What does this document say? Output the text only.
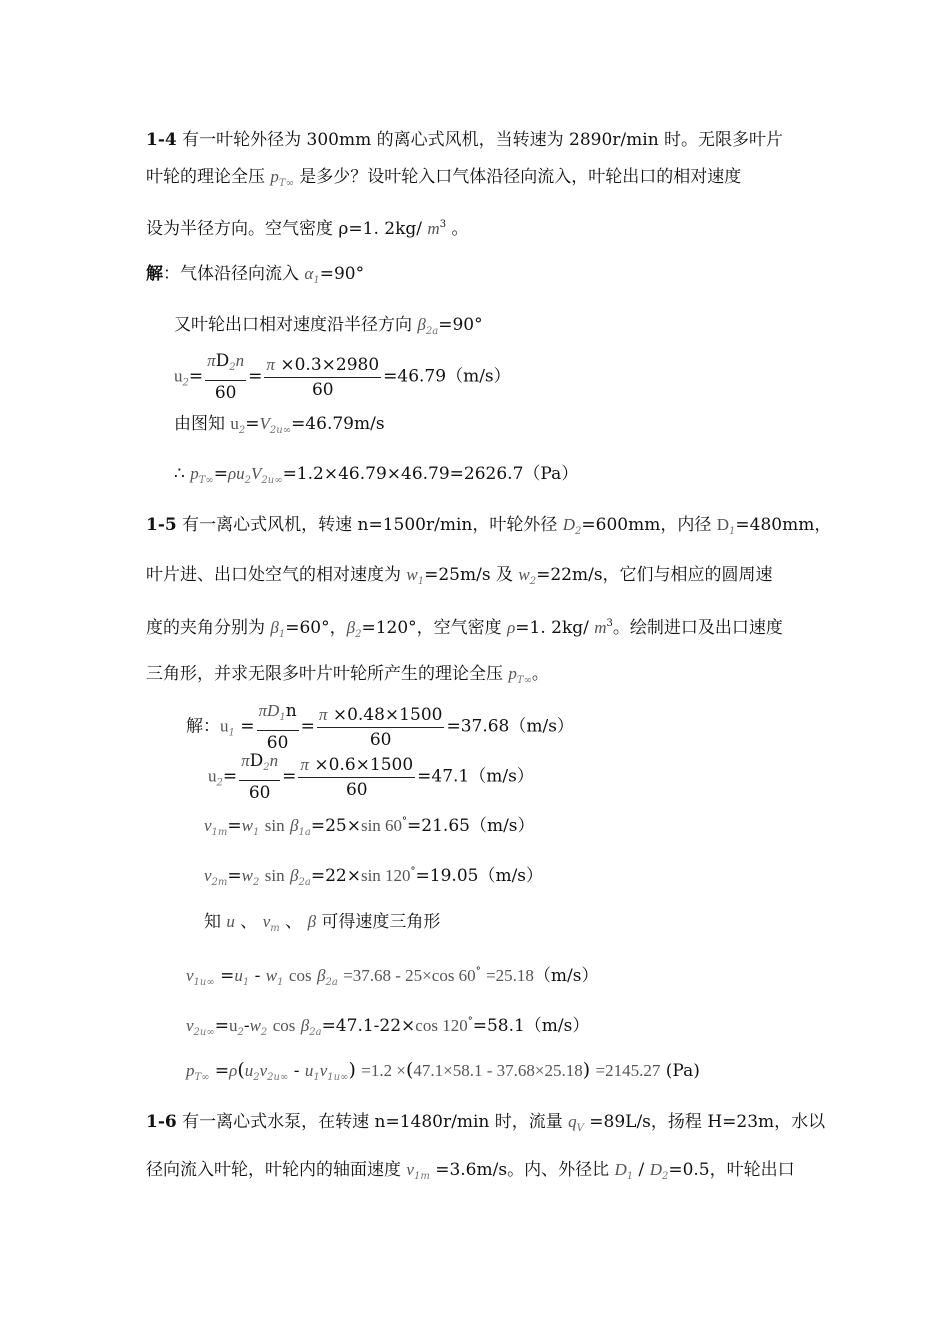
1-4 有一叶轮外径为 300mm 的离心式风机，当转速为 2890r/min 时。无限多叶片
叶轮的理论全压 $p_{T\infty}$ 是多少？设叶轮入口气体沿径向流入，叶轮出口的相对速度
设为半径方向。空气密度 ρ=1. 2kg/ $m^3$ 。
解：气体沿径向流入 $\alpha_1=90^\circ$
又叶轮出口相对速度沿半径方向 $\beta_{2a}=90^\circ$
$u_2= \frac{\pi D_2n}{60} = \frac{\pi \times 0.3\times 2980}{60} =46.79(m/s)$
由图知 $u_2=V_{2u\infty}=46.79m/s$
∴ $p_{T\infty}=\rho u_2V_{2u\infty}=1.2\times 46.79\times 46.79=2626.7(Pa)$
1-5 有一离心式风机，转速 n=1500r/min，叶轮外径 $D_2=600mm$，内径 $D_1=480mm$，
叶片进、出口处空气的相对速度为 $w_1=25m/s$ 及 $w_2=22m/s$，它们与相应的圆周速
度的夹角分别为 $\beta_1=60^\circ$，$\beta_2=120^\circ$，空气密度 ρ=1. 2kg/ $m^3$。绘制进口及出口速度
三角形，并求无限多叶片叶轮所产生的理论全压 $p_{T\infty}$。
解：$u_1 = \frac{\pi D_1n}{60} = \frac{\pi \times 0.48\times 1500}{60} =37.68(m/s)$
$u_2= \frac{\pi D_2n}{60} = \frac{\pi \times 0.6\times 1500}{60} =47.1(m/s)$
$v_{1m}=w_1$ $\sin \beta_{1a}=25\times\sin$ 60°=21.65（m/s）
$v_{2m}=w_2$ $\sin \beta_{2a}=22\times\sin$ 120°=19.05（m/s）
知 u 、 $v_m$ 、 β 可得速度三角形
$v_{1u\infty} =u_1 - w_1$ $\cos \beta_{2a} =37.68 - 25\times\cos$ 60° =25.18（m/s）
$v_{2u\infty}=u_2-w_2$ $\cos \beta_{2a}=47.1-22\times\cos$ 120°=58.1（m/s）
$p_{T\infty} =\rho(u_2v_{2u\infty} - u_1v_{1u\infty}) =1.2 \times(47.1\times 58.1 - 37.68\times 25.18) =2145.27$ (Pa)
1-6 有一离心式水泵，在转速 n=1480r/min 时，流量 $q_V =89L/s$，扬程 H=23m，水以
径向流入叶轮，叶轮内的轴面速度 $v_{1m} =3.6m/s$。内、外径比 $D_1 / D_2=0.5$，叶轮出口
